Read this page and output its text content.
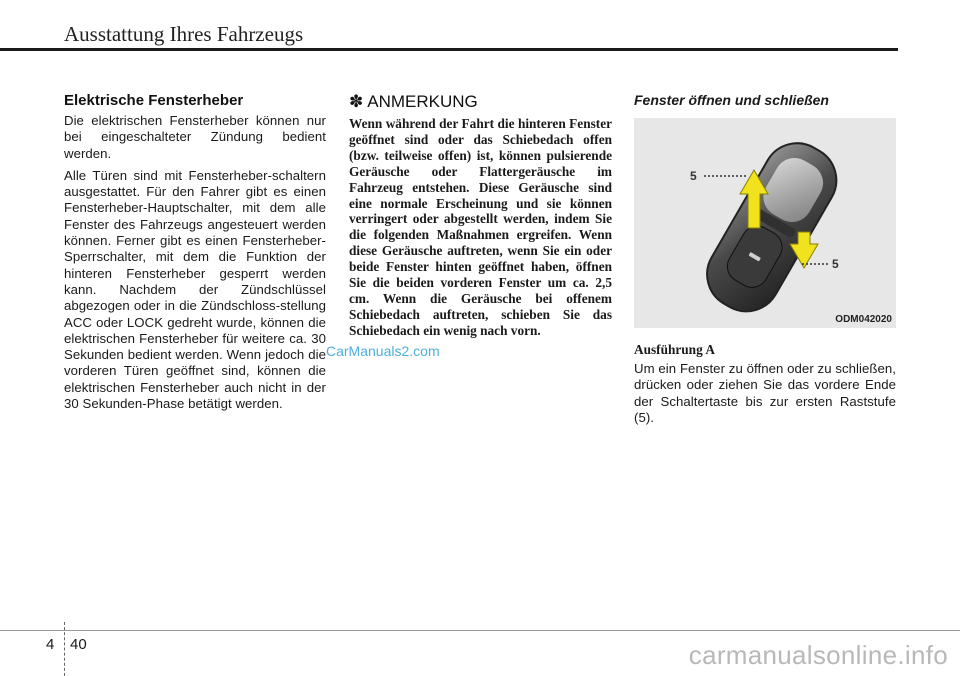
Ausstattung Ihres Fahrzeugs
Elektrische Fensterheber

Die elektrischen Fensterheber können nur bei eingeschalteter Zündung bedient werden.

Alle Türen sind mit Fensterheber-schaltern ausgestattet. Für den Fahrer gibt es einen Fensterheber-Hauptschalter, mit dem alle Fenster des Fahrzeugs angesteuert werden können. Ferner gibt es einen Fensterheber-Sperrschalter, mit dem die Funktion der hinteren Fensterheber gesperrt werden kann. Nachdem der Zündschlüssel abgezogen oder in die Zündschloss-stellung ACC oder LOCK gedreht wurde, können die elektrischen Fensterheber für weitere ca. 30 Sekunden bedient werden. Wenn jedoch die vorderen Türen geöffnet sind, können die elektrischen Fensterheber auch nicht in der 30 Sekunden-Phase betätigt werden.

✽ ANMERKUNG

Wenn während der Fahrt die hinteren Fenster geöffnet sind oder das Schiebedach offen (bzw. teilweise offen) ist, können pulsierende Geräusche oder Flattergeräusche im Fahrzeug entstehen. Diese Geräusche sind eine normale Erscheinung und sie können verringert oder abgestellt werden, indem Sie die folgenden Maßnahmen ergreifen. Wenn diese Geräusche auftreten, wenn Sie ein oder beide Fenster hinten geöffnet haben, öffnen Sie die beiden vorderen Fenster um ca. 2,5 cm. Wenn die Geräusche bei offenem Schiebedach auftreten, schieben Sie das Schiebedach ein wenig nach vorn.

Fenster öffnen und schließen
5
5
ODM042020
Ausführung A

Um ein Fenster zu öffnen oder zu schließen, drücken oder ziehen Sie das vordere Ende der Schaltertaste bis zur ersten Raststufe (5).

CarManuals2.com
4 40	carmanualsonline.info
